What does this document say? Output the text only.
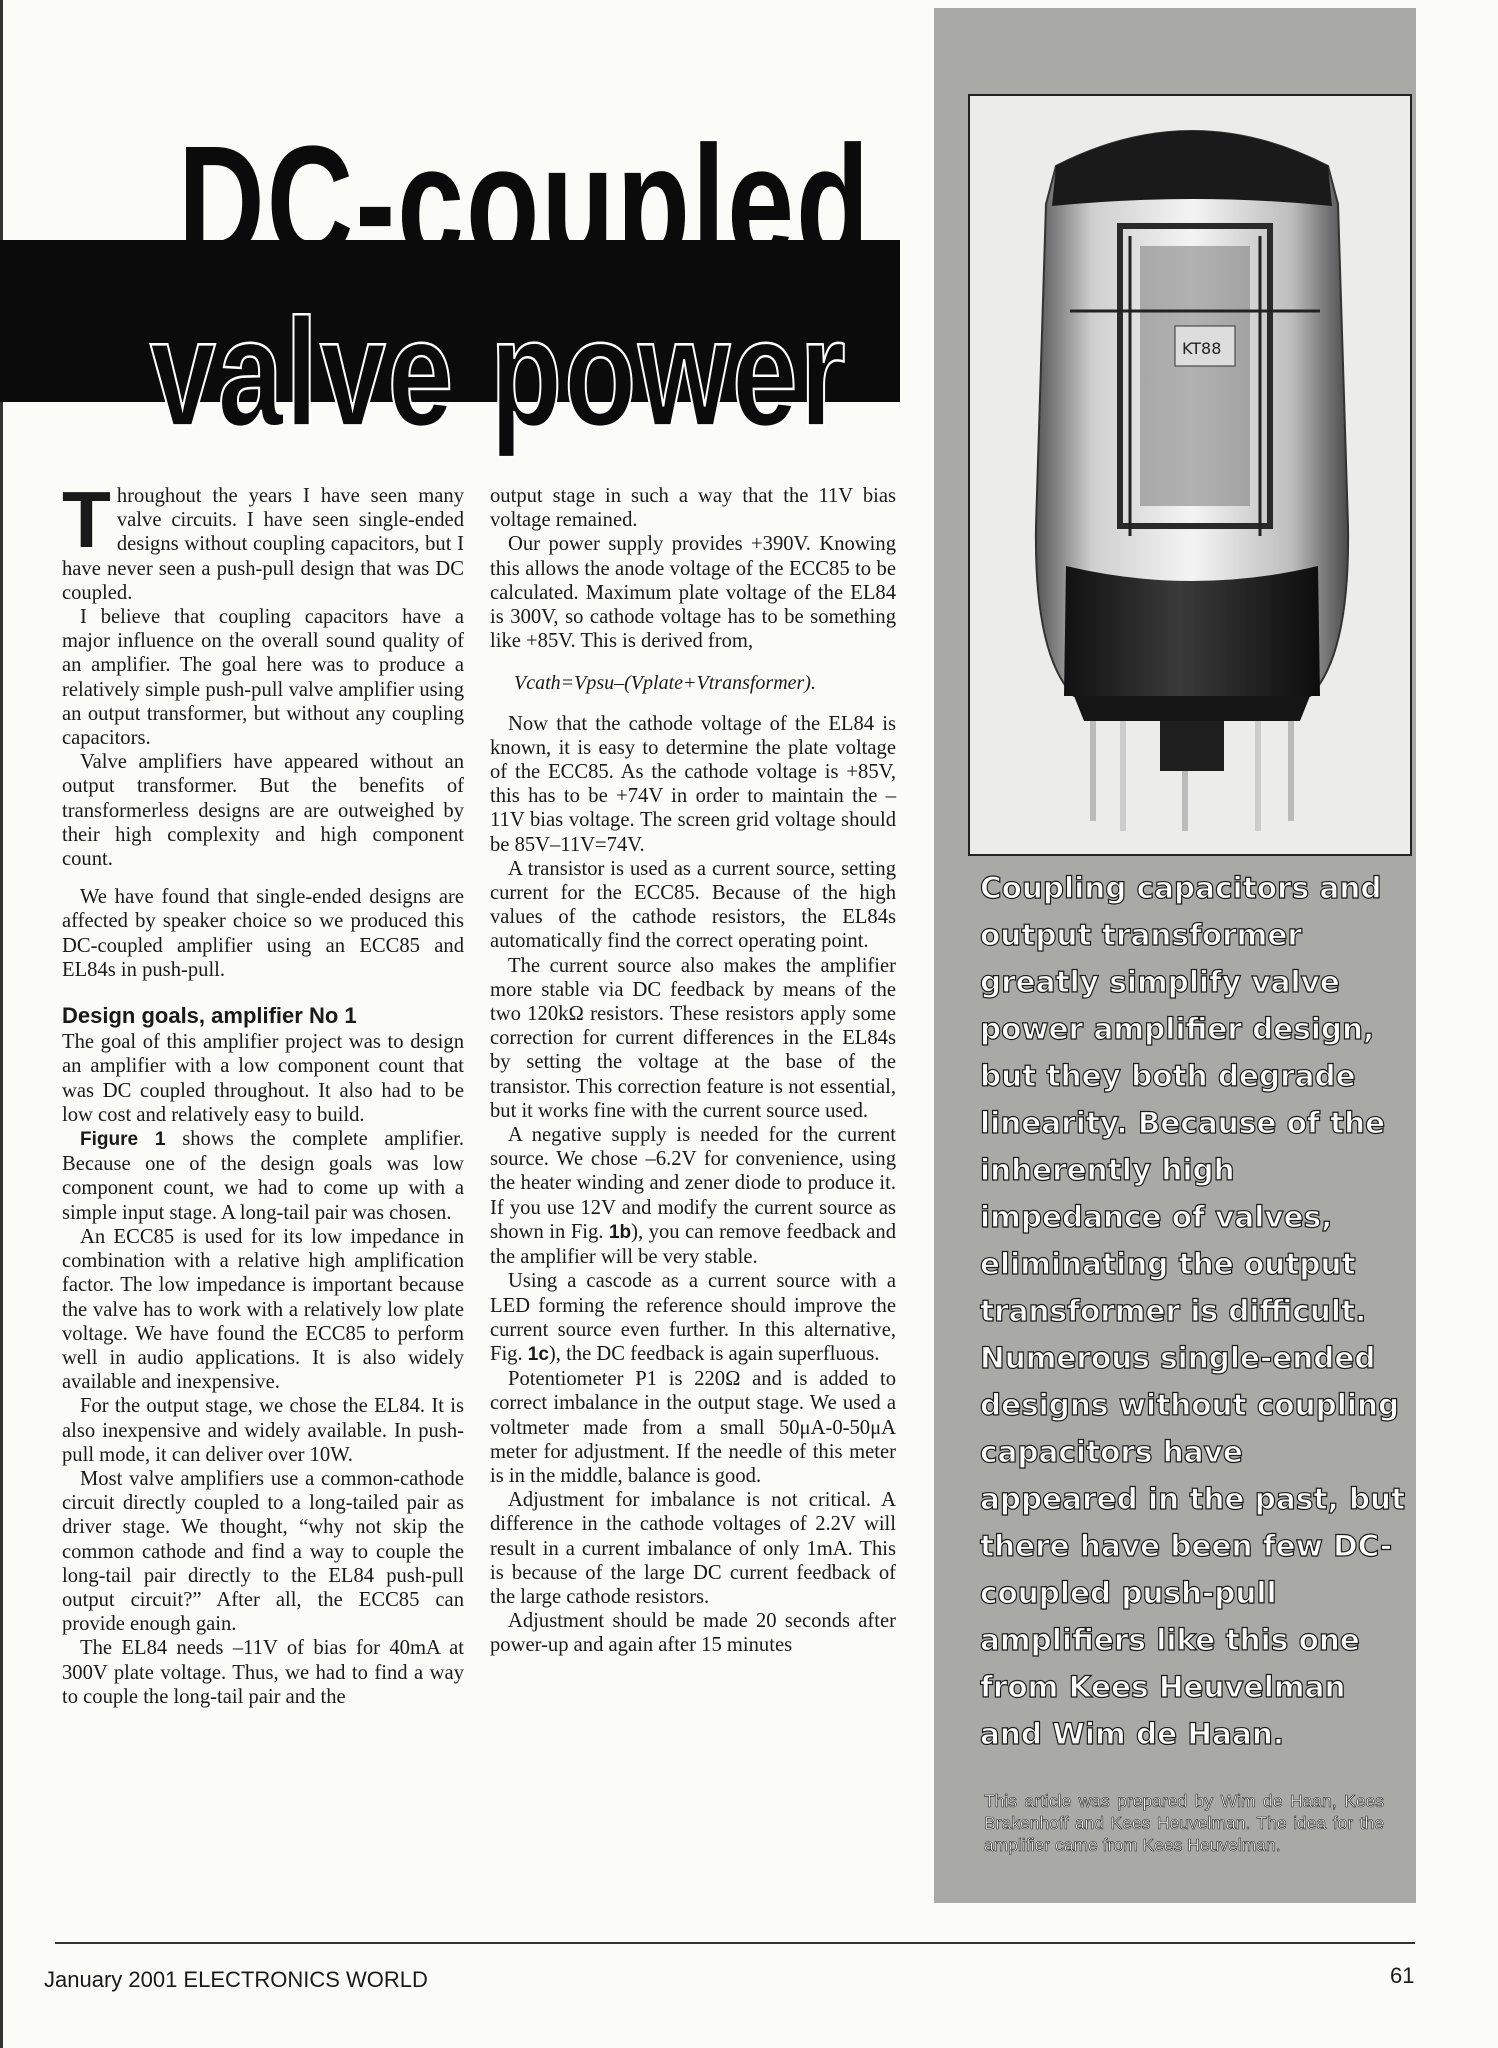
DC-coupled
valve power

Throughout the years I have seen many valve circuits. I have seen single-ended designs without coupling capacitors, but I have never seen a push-pull design that was DC coupled.

I believe that coupling capacitors have a major influence on the overall sound quality of an amplifier. The goal here was to produce a relatively simple push-pull valve amplifier using an output transformer, but without any coupling capacitors.

Valve amplifiers have appeared without an output transformer. But the benefits of transformerless designs are are outweighed by their high complexity and high component count.

We have found that single-ended designs are affected by speaker choice so we produced this DC-coupled amplifier using an ECC85 and EL84s in push-pull.

Design goals, amplifier No 1

The goal of this amplifier project was to design an amplifier with a low component count that was DC coupled throughout. It also had to be low cost and relatively easy to build.

Figure 1 shows the complete amplifier. Because one of the design goals was low component count, we had to come up with a simple input stage. A long-tail pair was chosen.

An ECC85 is used for its low impedance in combination with a relative high amplification factor. The low impedance is important because the valve has to work with a relatively low plate voltage. We have found the ECC85 to perform well in audio applications. It is also widely available and inexpensive.

For the output stage, we chose the EL84. It is also inexpensive and widely available. In push-pull mode, it can deliver over 10W.

Most valve amplifiers use a common-cathode circuit directly coupled to a long-tailed pair as driver stage. We thought, “why not skip the common cathode and find a way to couple the long-tail pair directly to the EL84 push-pull output circuit?” After all, the ECC85 can provide enough gain.

The EL84 needs –11V of bias for 40mA at 300V plate voltage. Thus, we had to find a way to couple the long-tail pair and the

output stage in such a way that the 11V bias voltage remained.

Our power supply provides +390V. Knowing this allows the anode voltage of the ECC85 to be calculated. Maximum plate voltage of the EL84 is 300V, so cathode voltage has to be something like +85V. This is derived from,

Vcath=Vpsu–(Vplate+Vtransformer).

Now that the cathode voltage of the EL84 is known, it is easy to determine the plate voltage of the ECC85. As the cathode voltage is +85V, this has to be +74V in order to maintain the –11V bias voltage. The screen grid voltage should be 85V–11V=74V.

A transistor is used as a current source, setting current for the ECC85. Because of the high values of the cathode resistors, the EL84s automatically find the correct operating point.

The current source also makes the amplifier more stable via DC feedback by means of the two 120kΩ resistors. These resistors apply some correction for current differences in the EL84s by setting the voltage at the base of the transistor. This correction feature is not essential, but it works fine with the current source used.

A negative supply is needed for the current source. We chose –6.2V for convenience, using the heater winding and zener diode to produce it. If you use 12V and modify the current source as shown in Fig. 1b), you can remove feedback and the amplifier will be very stable.

Using a cascode as a current source with a LED forming the reference should improve the current source even further. In this alternative, Fig. 1c), the DC feedback is again superfluous.

Potentiometer P1 is 220Ω and is added to correct imbalance in the output stage. We used a voltmeter made from a small 50μA-0-50μA meter for adjustment. If the needle of this meter is in the middle, balance is good.

Adjustment for imbalance is not critical. A difference in the cathode voltages of 2.2V will result in a current imbalance of only 1mA. This is because of the large DC current feedback of the large cathode resistors.

Adjustment should be made 20 seconds after power-up and again after 15 minutes

KT88
Coupling capacitors and output transformer greatly simplify valve power amplifier design, but they both degrade linearity. Because of the inherently high impedance of valves, eliminating the output transformer is difficult. Numerous single-ended designs without coupling capacitors have appeared in the past, but there have been few DC-coupled push-pull amplifiers like this one from Kees Heuvelman and Wim de Haan.
This article was prepared by Wim de Haan, Kees Brakenhoff and Kees Heuvelman. The idea for the amplifier came from Kees Heuvelman.
January 2001 ELECTRONICS WORLD	61
